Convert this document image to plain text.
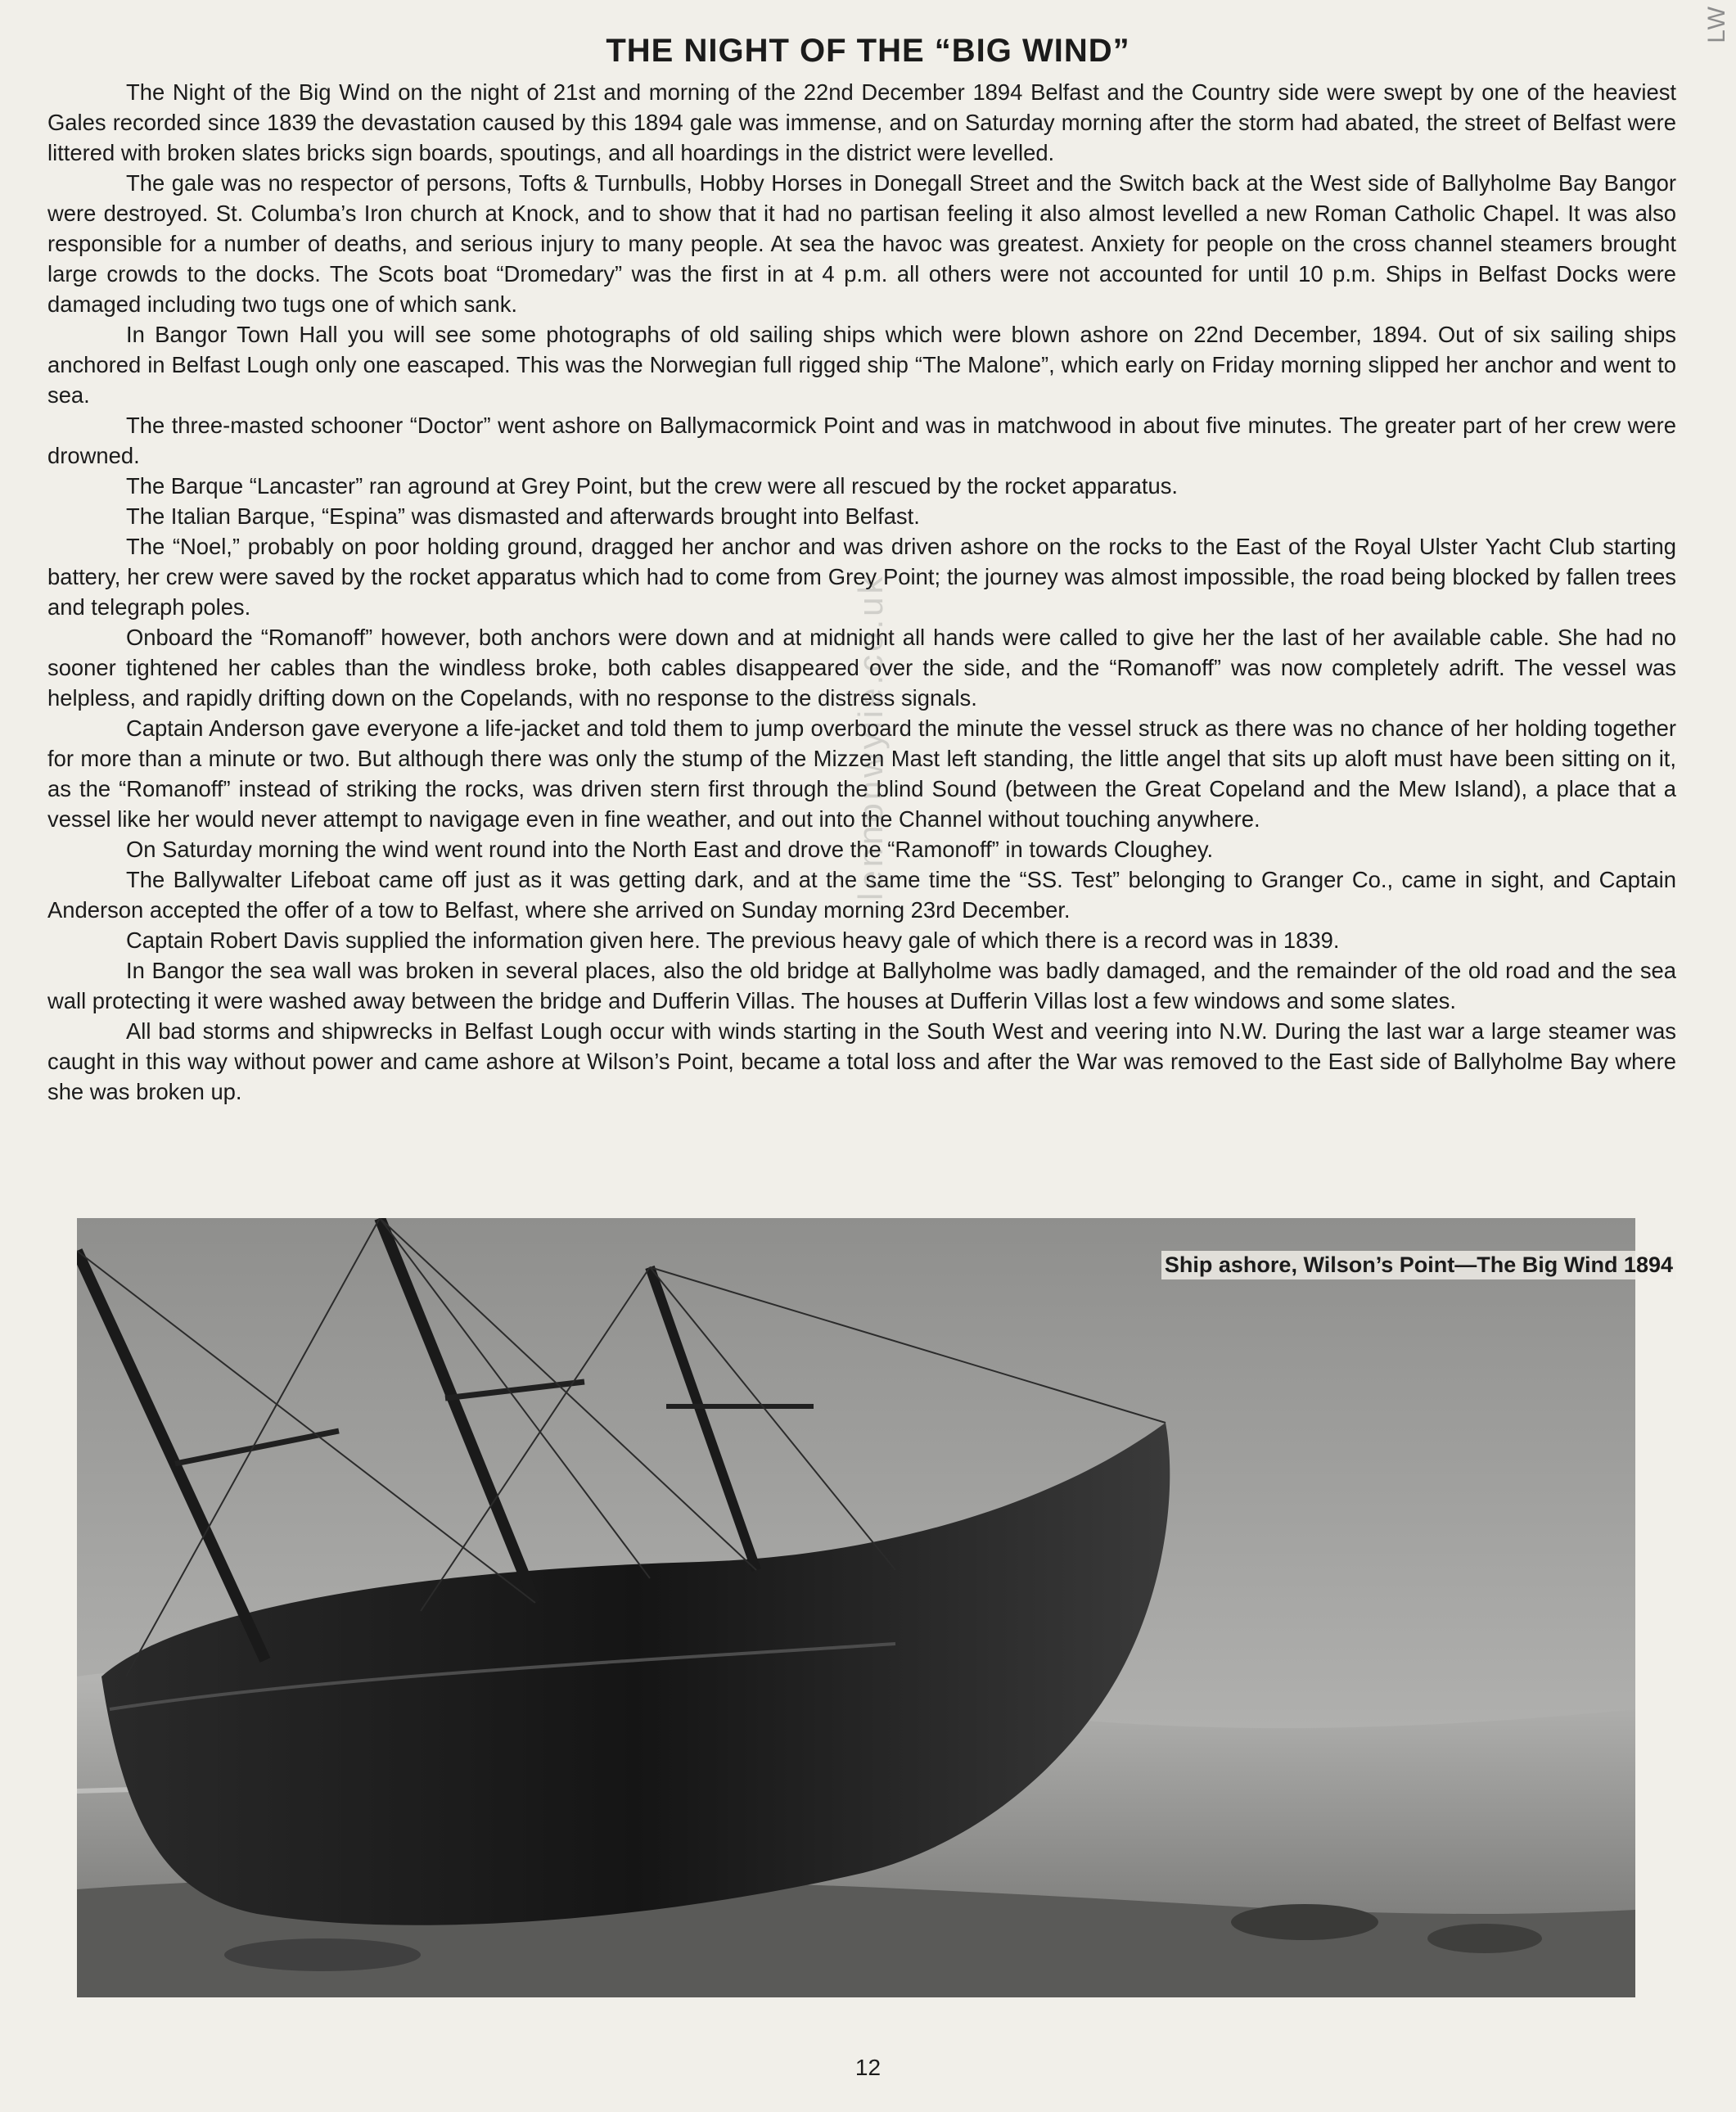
LW
THE NIGHT OF THE “BIG WIND”

The Night of the Big Wind on the night of 21st and morning of the 22nd December 1894 Belfast and the Country side were swept by one of the heaviest Gales recorded since 1839 the devastation caused by this 1894 gale was immense, and on Saturday morning after the storm had abated, the street of Belfast were littered with broken slates bricks sign boards, spoutings, and all hoardings in the district were levelled.

The gale was no respector of persons, Tofts & Turnbulls, Hobby Horses in Donegall Street and the Switch back at the West side of Ballyholme Bay Bangor were destroyed. St. Columba’s Iron church at Knock, and to show that it had no partisan feeling it also almost levelled a new Roman Catholic Chapel. It was also responsible for a number of deaths, and serious injury to many people. At sea the havoc was greatest. Anxiety for people on the cross channel steamers brought large crowds to the docks. The Scots boat “Dromedary” was the first in at 4 p.m. all others were not accounted for until 10 p.m. Ships in Belfast Docks were damaged including two tugs one of which sank.

In Bangor Town Hall you will see some photographs of old sailing ships which were blown ashore on 22nd December, 1894. Out of six sailing ships anchored in Belfast Lough only one eascaped. This was the Norwegian full rigged ship “The Malone”, which early on Friday morning slipped her anchor and went to sea.

The three-masted schooner “Doctor” went ashore on Ballymacormick Point and was in matchwood in about five minutes. The greater part of her crew were drowned.

The Barque “Lancaster” ran aground at Grey Point, but the crew were all rescued by the rocket apparatus.

The Italian Barque, “Espina” was dismasted and afterwards brought into Belfast.

The “Noel,” probably on poor holding ground, dragged her anchor and was driven ashore on the rocks to the East of the Royal Ulster Yacht Club starting battery, her crew were saved by the rocket apparatus which had to come from Grey Point; the journey was almost impossible, the road being blocked by fallen trees and telegraph poles.

Onboard the “Romanoff” however, both anchors were down and at midnight all hands were called to give her the last of her available cable. She had no sooner tightened her cables than the windless broke, both cables disappeared over the side, and the “Romanoff” was now completely adrift. The vessel was helpless, and rapidly drifting down on the Copelands, with no response to the distress signals.

Captain Anderson gave everyone a life-jacket and told them to jump overboard the minute the vessel struck as there was no chance of her holding together for more than a minute or two. But although there was only the stump of the Mizzen Mast left standing, the little angel that sits up aloft must have been sitting on it, as the “Romanoff” instead of striking the rocks, was driven stern first through the blind Sound (between the Great Copeland and the Mew Island), a place that a vessel like her would never attempt to navigage even in fine weather, and out into the Channel without touching anywhere.

On Saturday morning the wind went round into the North East and drove the “Ramonoff” in towards Cloughey.

The Ballywalter Lifeboat came off just as it was getting dark, and at the same time the “SS. Test” belonging to Granger Co., came in sight, and Captain Anderson accepted the offer of a tow to Belfast, where she arrived on Sunday morning 23rd December.

Captain Robert Davis supplied the information given here. The previous heavy gale of which there is a record was in 1839.

In Bangor the sea wall was broken in several places, also the old bridge at Ballyholme was badly damaged, and the remainder of the old road and the sea wall protecting it were washed away between the bridge and Dufferin Villas. The houses at Dufferin Villas lost a few windows and some slates.

All bad storms and shipwrecks in Belfast Lough occur with winds starting in the South West and veering into N.W. During the last war a large steamer was caught in this way without power and came ashore at Wilson’s Point, became a total loss and after the War was removed to the East side of Ballyholme Bay where she was broken up.

Ship ashore, Wilson’s Point—The Big Wind 1894
lennonwylie.co.uk
12
